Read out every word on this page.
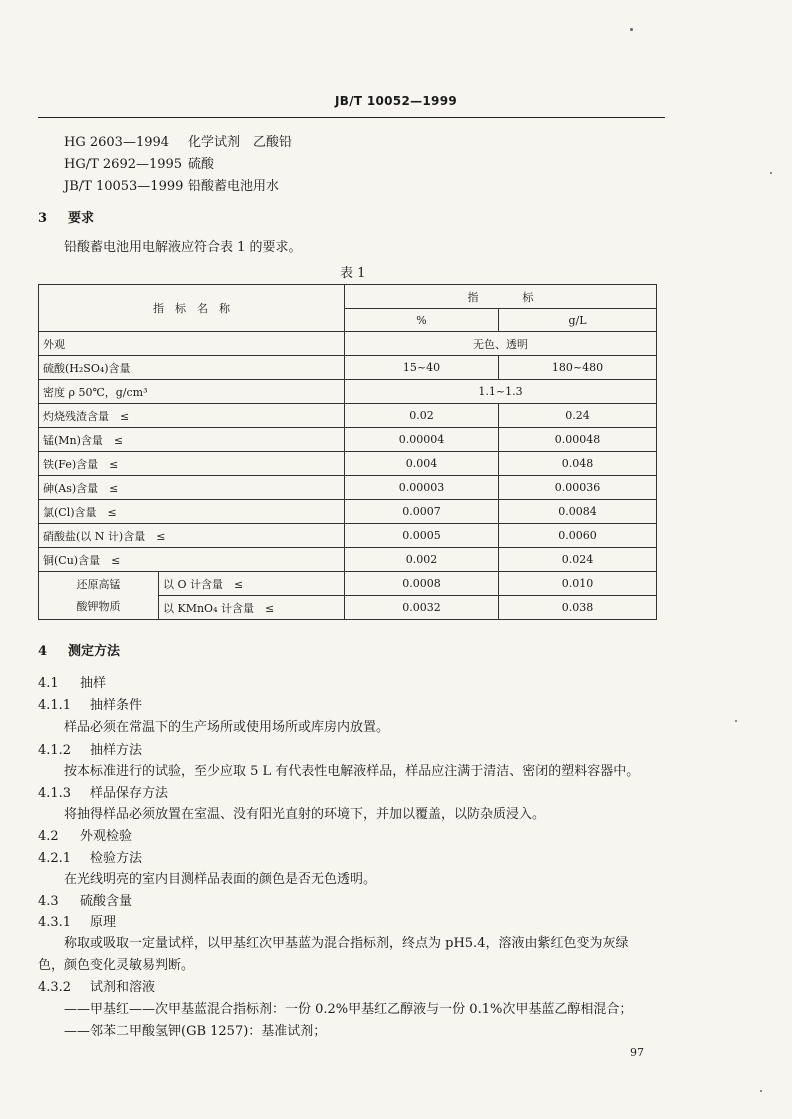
JB/T 10052—1999
HG 2603—1994 化学试剂　乙酸铅
HG/T 2692—1995 硫酸
JB/T 10053—1999 铅酸蓄电池用水
3 要求
铅酸蓄电池用电解液应符合表 1 的要求。
表 1
指　标　名　称		指　　　　标	
		%	g/L
外观		无色、透明	
硫酸(H₂SO₄)含量		15~40	180~480
密度 ρ 50℃，g/cm³		1.1~1.3	
灼烧残渣含量　≤		0.02	0.24
锰(Mn)含量　≤		0.00004	0.00048
铁(Fe)含量　≤		0.004	0.048
砷(As)含量　≤		0.00003	0.00036
氯(Cl)含量　≤		0.0007	0.0084
硝酸盐(以 N 计)含量　≤		0.0005	0.0060
铜(Cu)含量　≤		0.002	0.024

还原高锰
酸钾物质	以 O 计含量　≤	0.0008	0.010
	以 KMnO₄ 计含量　≤	0.0032	0.038
4 测定方法
4.1 抽样
4.1.1 抽样条件
样品必须在常温下的生产场所或使用场所或库房内放置。
4.1.2 抽样方法
按本标准进行的试验，至少应取 5 L 有代表性电解液样品，样品应注满于清洁、密闭的塑料容器中。
4.1.3 样品保存方法
将抽得样品必须放置在室温、没有阳光直射的环境下，并加以覆盖，以防杂质浸入。
4.2 外观检验
4.2.1 检验方法
在光线明亮的室内目测样品表面的颜色是否无色透明。
4.3 硫酸含量
4.3.1 原理
称取或吸取一定量试样，以甲基红次甲基蓝为混合指标剂，终点为 pH5.4，溶液由紫红色变为灰绿
色，颜色变化灵敏易判断。
4.3.2 试剂和溶液
——甲基红——次甲基蓝混合指标剂：一份 0.2%甲基红乙醇液与一份 0.1%次甲基蓝乙醇相混合；
——邻苯二甲酸氢钾(GB 1257)：基准试剂；
97
